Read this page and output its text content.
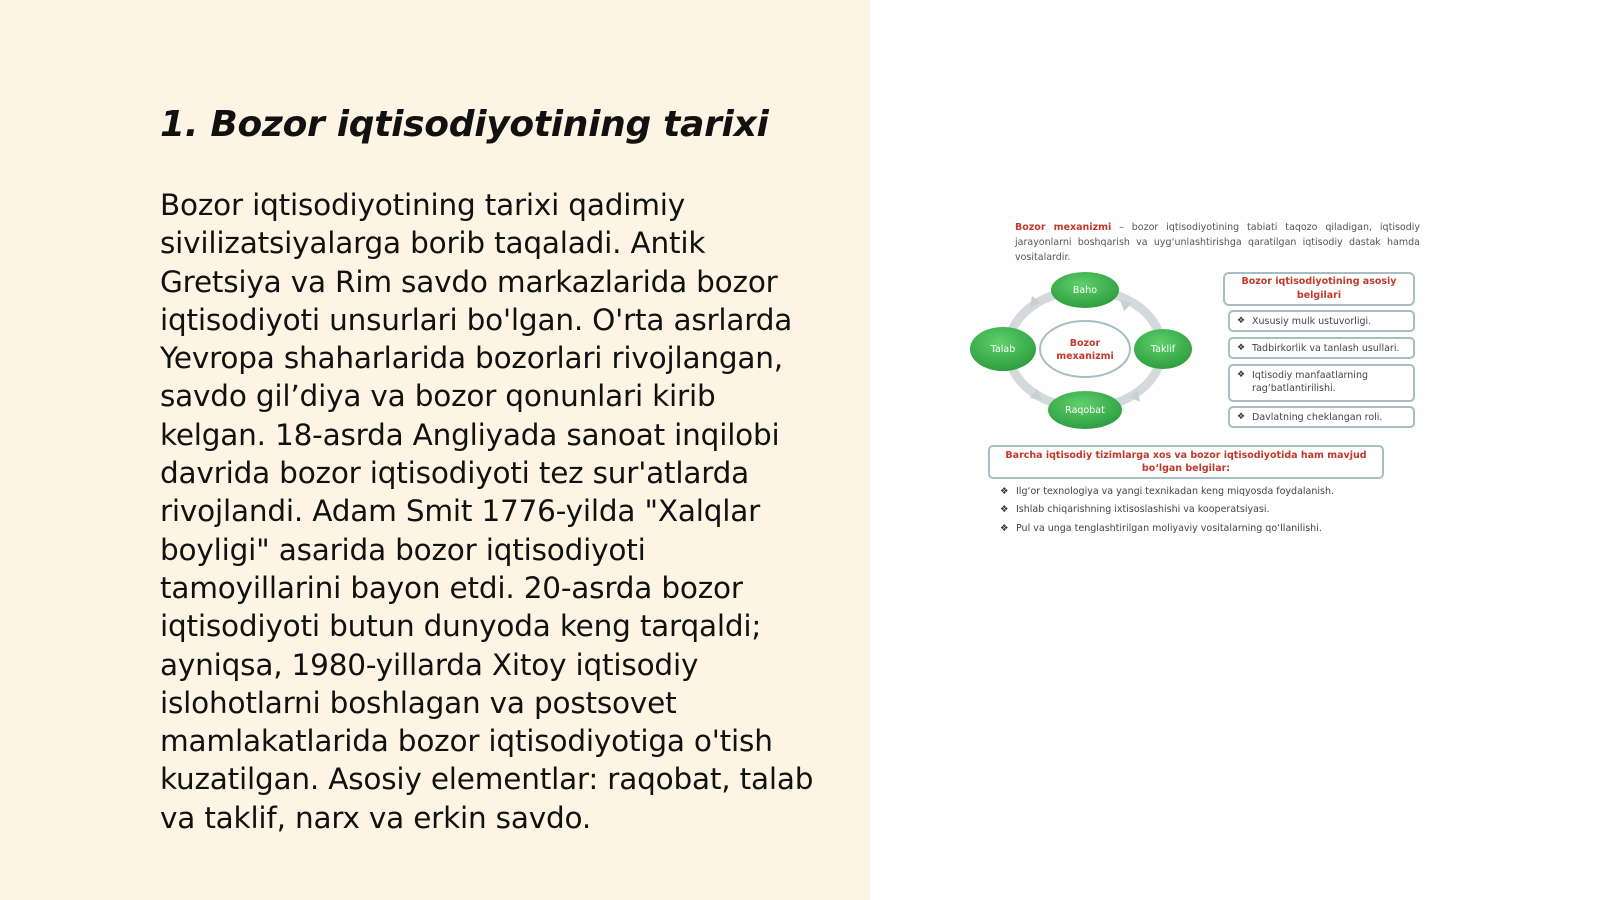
1. Bozor iqtisodiyotining tarixi

Bozor iqtisodiyotining tarixi qadimiy sivilizatsiyalarga borib taqaladi. Antik Gretsiya va Rim savdo markazlarida bozor iqtisodiyoti unsurlari bo'lgan. O'rta asrlarda Yevropa shaharlarida bozorlari rivojlangan, savdo gil’diya va bozor qonunlari kirib kelgan. 18-asrda Angliyada sanoat inqilobi davrida bozor iqtisodiyoti tez sur'atlarda rivojlandi. Adam Smit 1776-yilda "Xalqlar boyligi" asarida bozor iqtisodiyoti tamoyillarini bayon etdi. 20-asrda bozor iqtisodiyoti butun dunyoda keng tarqaldi; ayniqsa, 1980-yillarda Xitoy iqtisodiy islohotlarni boshlagan va postsovet mamlakatlarida bozor iqtisodiyotiga o'tish kuzatilgan. Asosiy elementlar: raqobat, talab va taklif, narx va erkin savdo.

Bozor mexanizmi – bozor iqtisodiyotining tabiati taqozo qiladigan, iqtisodiy jarayonlarni boshqarish va uyg‘unlashtirishga qaratilgan iqtisodiy dastak hamda vositalardir.
Bozor
mexanizmi
Baho
Taklif
Raqobat
Talab
Bozor iqtisodiyotining asosiy belgilari
❖ Xususiy mulk ustuvorligi.
❖ Tadbirkorlik va tanlash usullari.
❖ Iqtisodiy manfaatlarning rag‘batlantirilishi.
❖ Davlatning cheklangan roli.
Barcha iqtisodiy tizimlarga xos va bozor iqtisodiyotida ham mavjud bo‘lgan belgilar:
❖ Ilg‘or texnologiya va yangi texnikadan keng miqyosda foydalanish.
❖ Ishlab chiqarishning ixtisoslashishi va kooperatsiyasi.
❖ Pul va unga tenglashtirilgan moliyaviy vositalarning qo‘llanilishi.
